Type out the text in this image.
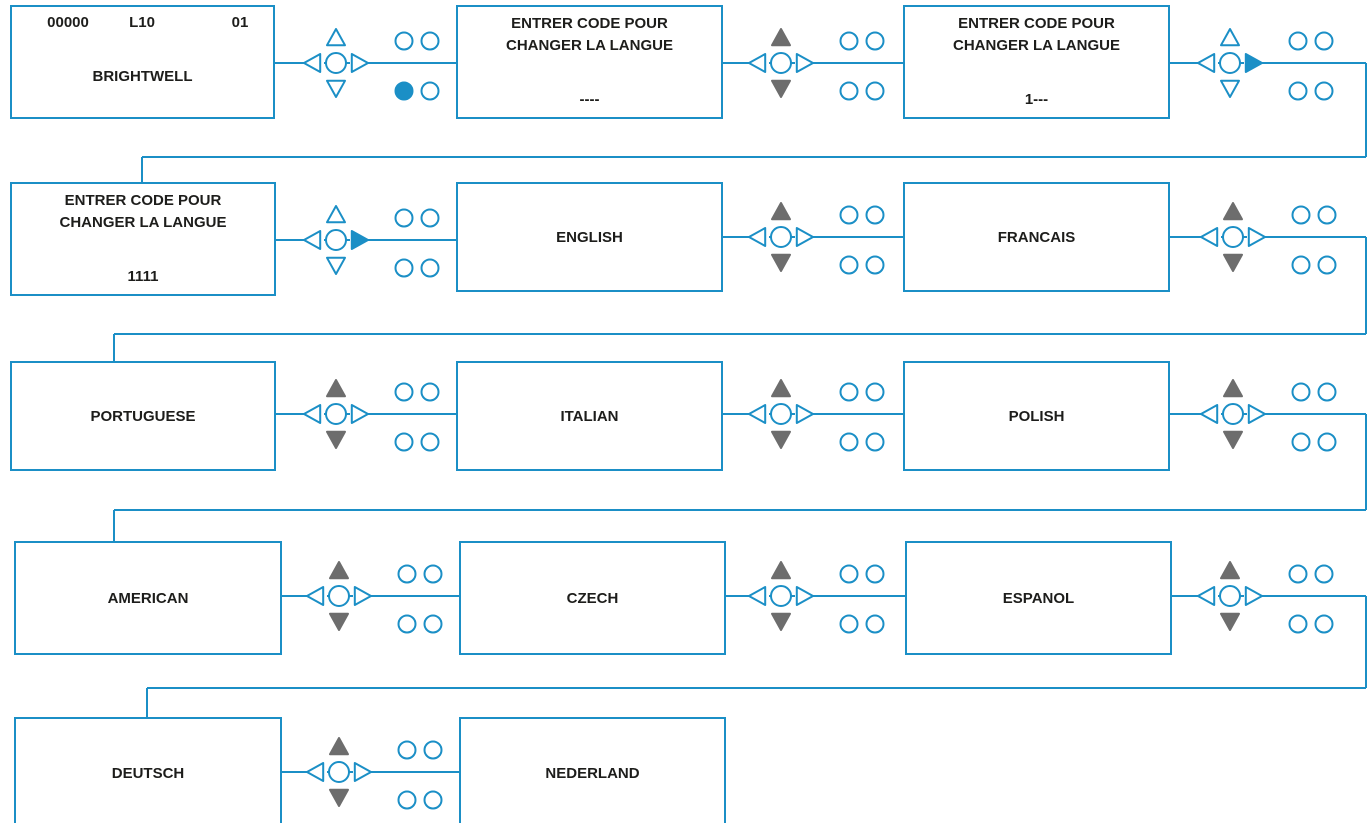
00000	L10	01
BRIGHTWELL
ENTRER CODE POUR
CHANGER LA LANGUE
----
ENTRER CODE POUR
CHANGER LA LANGUE
1---
ENTRER CODE POUR
CHANGER LA LANGUE
1111
ENGLISH	FRANCAIS
PORTUGUESE	ITALIAN	POLISH
AMERICAN	CZECH	ESPANOL
DEUTSCH	NEDERLAND
